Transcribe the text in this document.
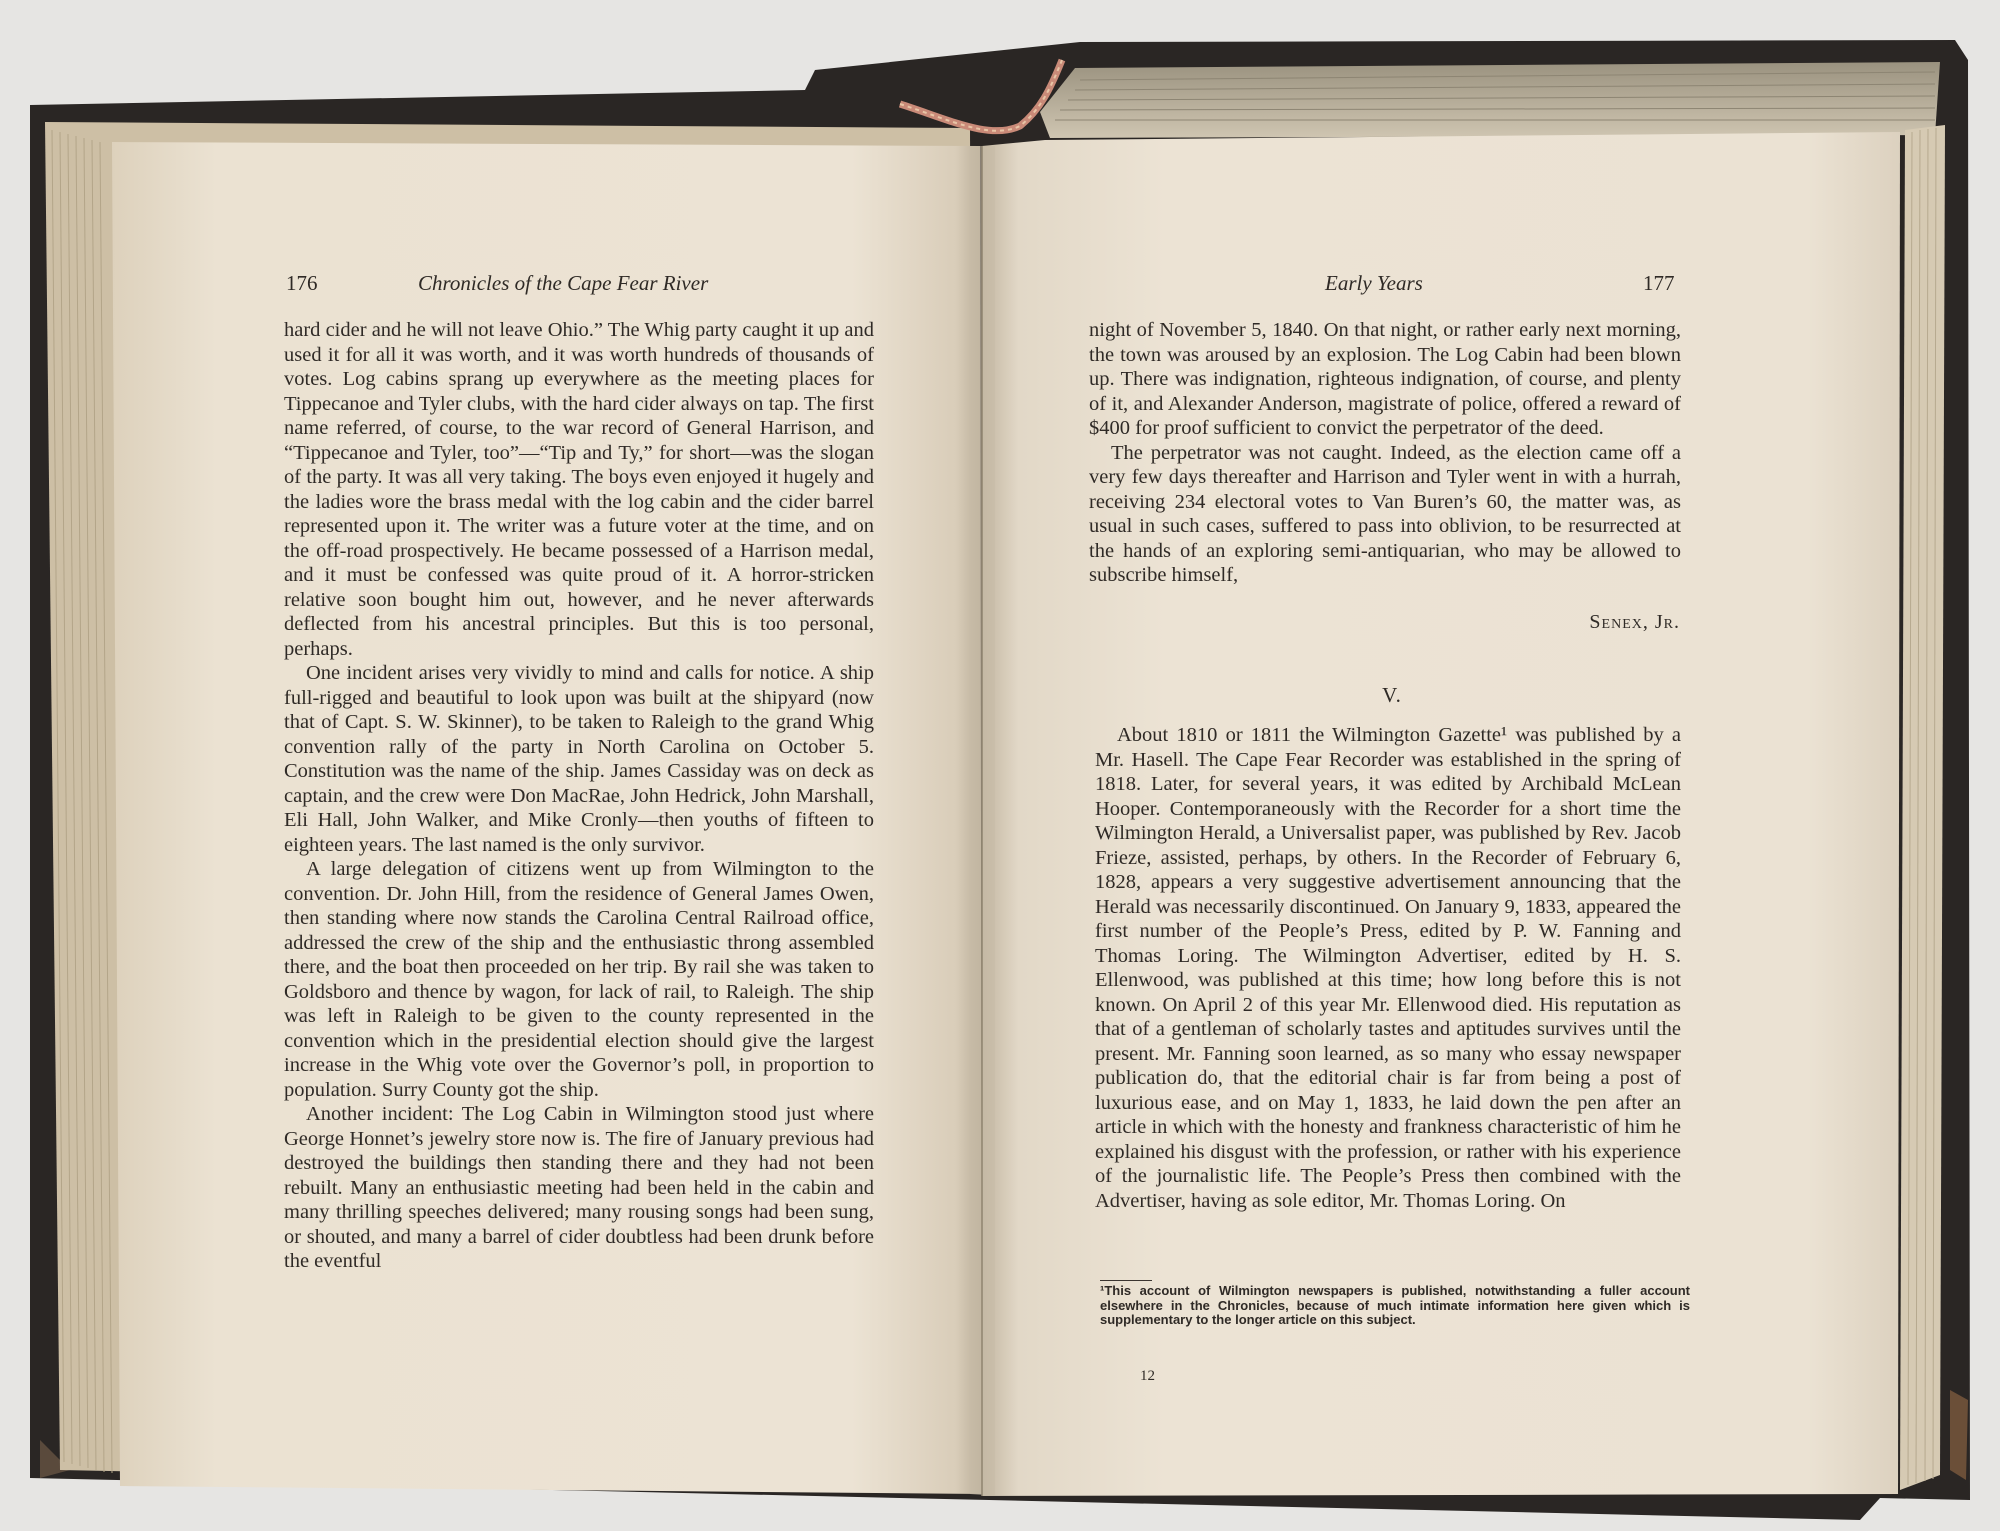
176	Chronicles of the Cape Fear River

hard cider and he will not leave Ohio.” The Whig party caught it up and used it for all it was worth, and it was worth hundreds of thousands of votes. Log cabins sprang up everywhere as the meeting places for Tippecanoe and Tyler clubs, with the hard cider always on tap. The first name referred, of course, to the war record of General Harrison, and “Tippecanoe and Tyler, too”—“Tip and Ty,” for short—was the slogan of the party. It was all very taking. The boys even enjoyed it hugely and the ladies wore the brass medal with the log cabin and the cider barrel represented upon it. The writer was a future voter at the time, and on the off-road prospectively. He became possessed of a Harrison medal, and it must be confessed was quite proud of it. A horror-stricken relative soon bought him out, however, and he never afterwards deflected from his ancestral principles. But this is too personal, perhaps.

One incident arises very vividly to mind and calls for notice. A ship full-rigged and beautiful to look upon was built at the shipyard (now that of Capt. S. W. Skinner), to be taken to Raleigh to the grand Whig convention rally of the party in North Carolina on October 5. Constitution was the name of the ship. James Cassiday was on deck as captain, and the crew were Don MacRae, John Hedrick, John Marshall, Eli Hall, John Walker, and Mike Cronly—then youths of fifteen to eighteen years. The last named is the only survivor.

A large delegation of citizens went up from Wilmington to the convention. Dr. John Hill, from the residence of General James Owen, then standing where now stands the Carolina Central Railroad office, addressed the crew of the ship and the enthusiastic throng assembled there, and the boat then proceeded on her trip. By rail she was taken to Goldsboro and thence by wagon, for lack of rail, to Raleigh. The ship was left in Raleigh to be given to the county represented in the convention which in the presidential election should give the largest increase in the Whig vote over the Governor’s poll, in proportion to population. Surry County got the ship.

Another incident: The Log Cabin in Wilmington stood just where George Honnet’s jewelry store now is. The fire of January previous had destroyed the buildings then standing there and they had not been rebuilt. Many an enthusiastic meeting had been held in the cabin and many thrilling speeches delivered; many rousing songs had been sung, or shouted, and many a barrel of cider doubtless had been drunk before the eventful

Early Years	177

night of November 5, 1840. On that night, or rather early next morning, the town was aroused by an explosion. The Log Cabin had been blown up. There was indignation, righteous indignation, of course, and plenty of it, and Alexander Anderson, magistrate of police, offered a reward of $400 for proof sufficient to convict the perpetrator of the deed.

The perpetrator was not caught. Indeed, as the election came off a very few days thereafter and Harrison and Tyler went in with a hurrah, receiving 234 electoral votes to Van Buren’s 60, the matter was, as usual in such cases, suffered to pass into oblivion, to be resurrected at the hands of an exploring semi-antiquarian, who may be allowed to subscribe himself,

Senex, Jr.
V.

About 1810 or 1811 the Wilmington Gazette¹ was published by a Mr. Hasell. The Cape Fear Recorder was established in the spring of 1818. Later, for several years, it was edited by Archibald McLean Hooper. Contemporaneously with the Recorder for a short time the Wilmington Herald, a Universalist paper, was published by Rev. Jacob Frieze, assisted, perhaps, by others. In the Recorder of February 6, 1828, appears a very suggestive advertisement announcing that the Herald was necessarily discontinued. On January 9, 1833, appeared the first number of the People’s Press, edited by P. W. Fanning and Thomas Loring. The Wilmington Advertiser, edited by H. S. Ellenwood, was published at this time; how long before this is not known. On April 2 of this year Mr. Ellenwood died. His reputation as that of a gentleman of scholarly tastes and aptitudes survives until the present. Mr. Fanning soon learned, as so many who essay newspaper publication do, that the editorial chair is far from being a post of luxurious ease, and on May 1, 1833, he laid down the pen after an article in which with the honesty and frankness characteristic of him he explained his disgust with the profession, or rather with his experience of the journalistic life. The People’s Press then combined with the Advertiser, having as sole editor, Mr. Thomas Loring. On

¹This account of Wilmington newspapers is published, notwithstanding a fuller account elsewhere in the Chronicles, because of much intimate information here given which is supplementary to the longer article on this subject.
12
